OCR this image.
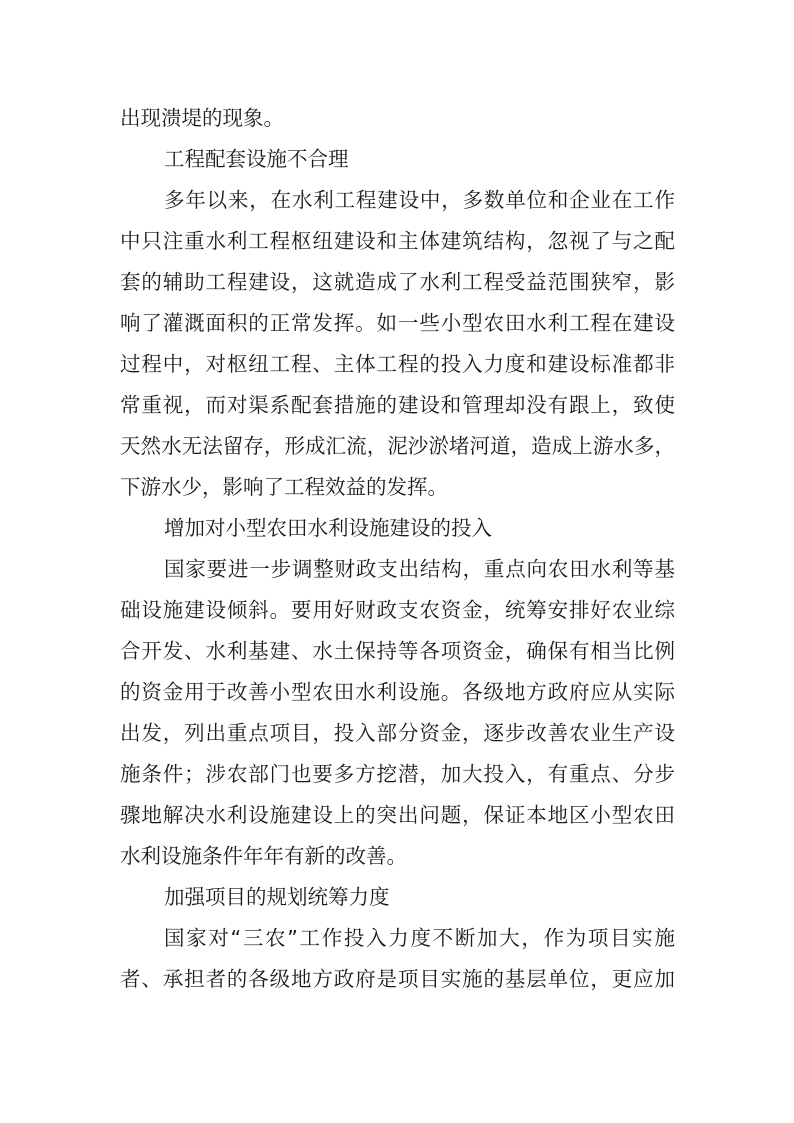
出现溃堤的现象。
工程配套设施不合理
多年以来，在水利工程建设中，多数单位和企业在工作
中只注重水利工程枢纽建设和主体建筑结构，忽视了与之配
套的辅助工程建设，这就造成了水利工程受益范围狭窄，影
响了灌溉面积的正常发挥。如一些小型农田水利工程在建设
过程中，对枢纽工程、主体工程的投入力度和建设标准都非
常重视，而对渠系配套措施的建设和管理却没有跟上，致使
天然水无法留存，形成汇流，泥沙淤堵河道，造成上游水多，
下游水少，影响了工程效益的发挥。
增加对小型农田水利设施建设的投入
国家要进一步调整财政支出结构，重点向农田水利等基
础设施建设倾斜。要用好财政支农资金，统筹安排好农业综
合开发、水利基建、水土保持等各项资金，确保有相当比例
的资金用于改善小型农田水利设施。各级地方政府应从实际
出发，列出重点项目，投入部分资金，逐步改善农业生产设
施条件；涉农部门也要多方挖潜，加大投入，有重点、分步
骤地解决水利设施建设上的突出问题，保证本地区小型农田
水利设施条件年年有新的改善。
加强项目的规划统筹力度
国家对“三农”工作投入力度不断加大，作为项目实施
者、承担者的各级地方政府是项目实施的基层单位，更应加
